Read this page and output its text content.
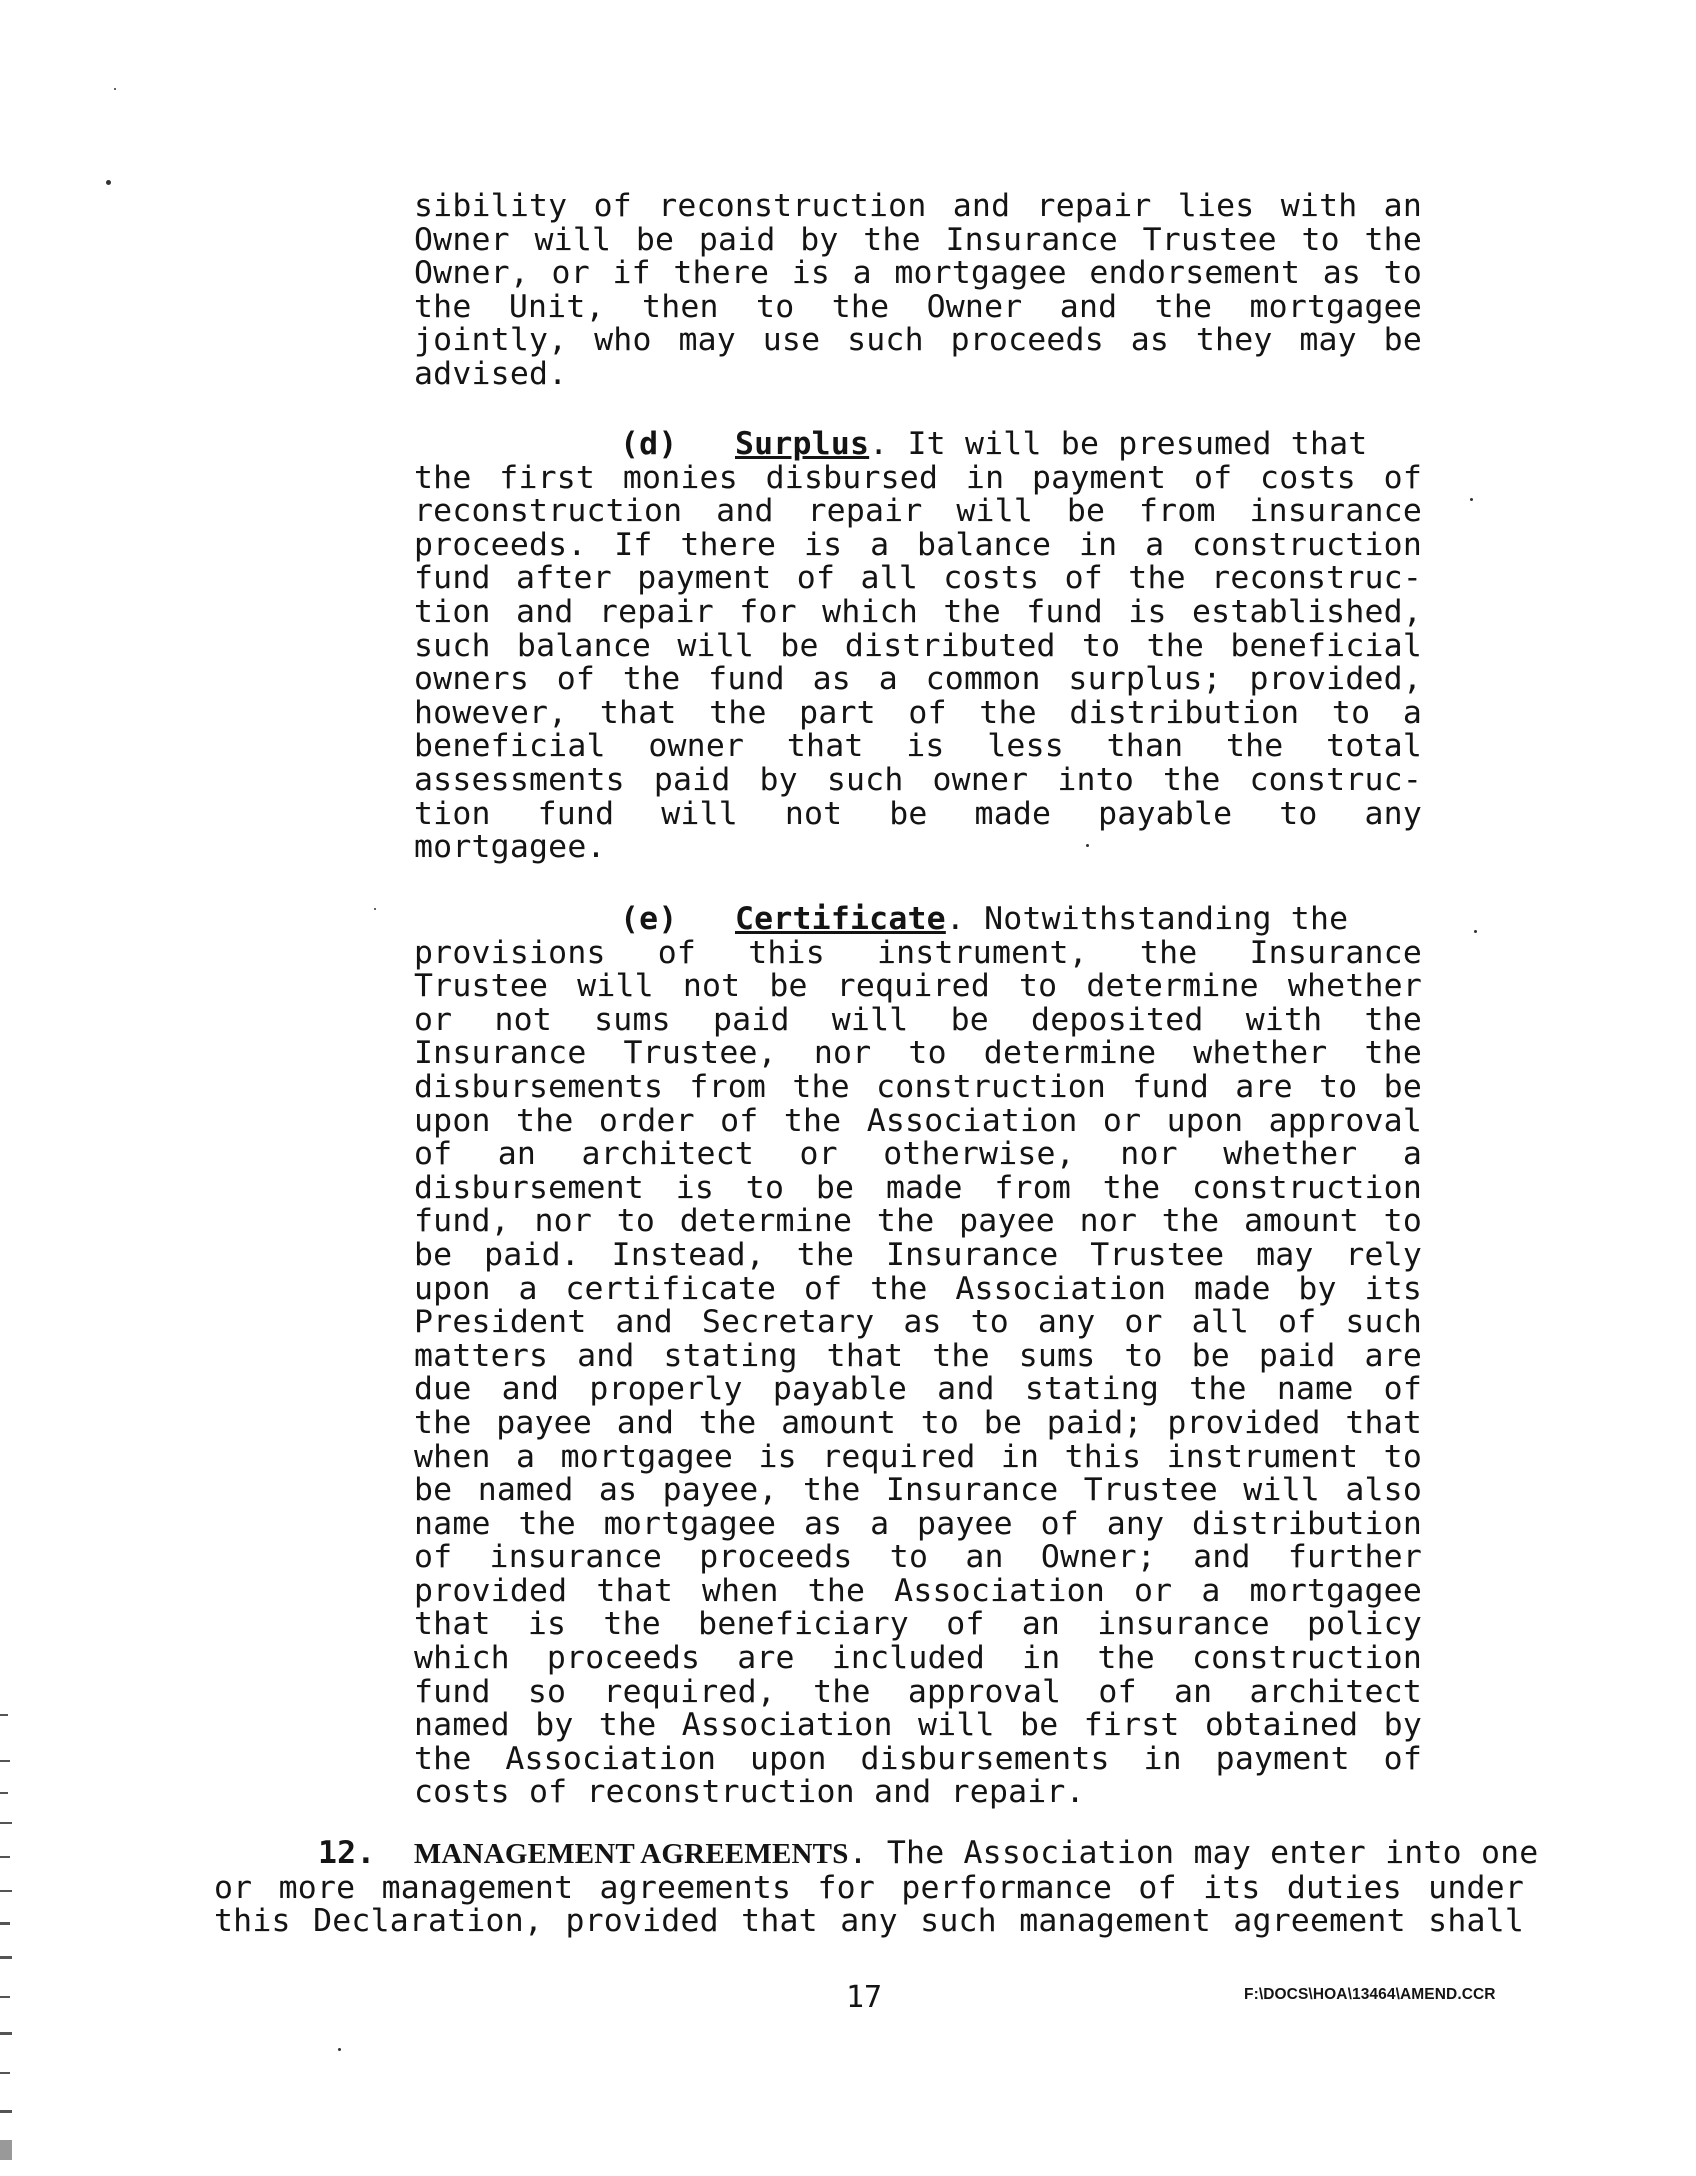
sibility of reconstruction and repair lies with an
Owner will be paid by the Insurance Trustee to the
Owner, or if there is a mortgagee endorsement as to
the Unit, then to the Owner and the mortgagee
jointly, who may use such proceeds as they may be
advised.
(d) Surplus. It will be presumed that
the first monies disbursed in payment of costs of
reconstruction and repair will be from insurance
proceeds. If there is a balance in a construction
fund after payment of all costs of the reconstruc-
tion and repair for which the fund is established,
such balance will be distributed to the beneficial
owners of the fund as a common surplus; provided,
however, that the part of the distribution to a
beneficial owner that is less than the total
assessments paid by such owner into the construc-
tion fund will not be made payable to any
mortgagee.
(e) Certificate. Notwithstanding the
provisions of this instrument, the Insurance
Trustee will not be required to determine whether
or not sums paid will be deposited with the
Insurance Trustee, nor to determine whether the
disbursements from the construction fund are to be
upon the order of the Association or upon approval
of an architect or otherwise, nor whether a
disbursement is to be made from the construction
fund, nor to determine the payee nor the amount to
be paid. Instead, the Insurance Trustee may rely
upon a certificate of the Association made by its
President and Secretary as to any or all of such
matters and stating that the sums to be paid are
due and properly payable and stating the name of
the payee and the amount to be paid; provided that
when a mortgagee is required in this instrument to
be named as payee, the Insurance Trustee will also
name the mortgagee as a payee of any distribution
of insurance proceeds to an Owner; and further
provided that when the Association or a mortgagee
that is the beneficiary of an insurance policy
which proceeds are included in the construction
fund so required, the approval of an architect
named by the Association will be first obtained by
the Association upon disbursements in payment of
costs of reconstruction and repair.
12. MANAGEMENT AGREEMENTS. The Association may enter into one
or more management agreements for performance of its duties under
this Declaration, provided that any such management agreement shall
17	F:\DOCS\HOA\13464\AMEND.CCR
